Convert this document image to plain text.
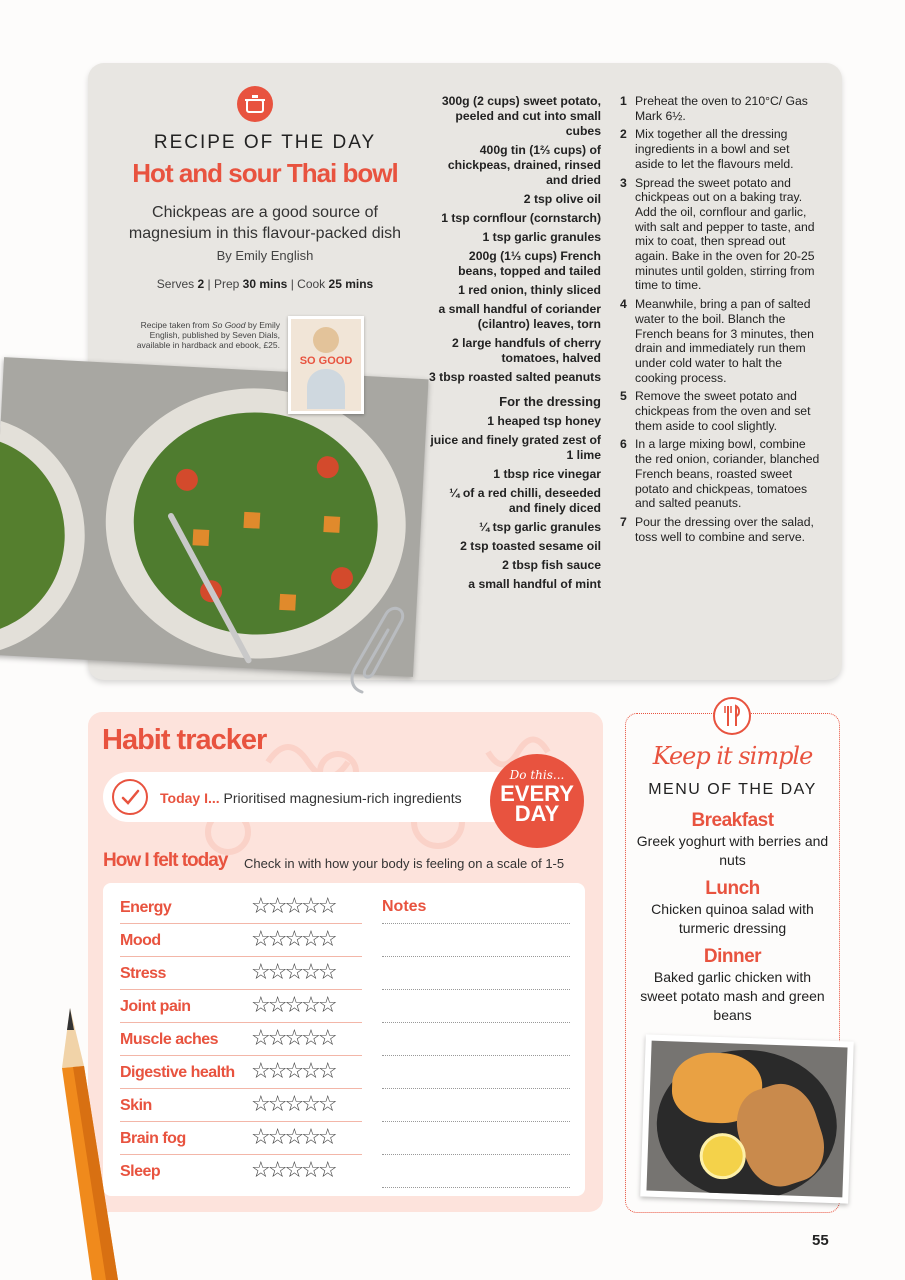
RECIPE OF THE DAY
Hot and sour Thai bowl
Chickpeas are a good source of magnesium in this flavour-packed dish
By Emily English
Serves 2 | Prep 30 mins | Cook 25 mins
Recipe taken from So Good by Emily English, published by Seven Dials, available in hardback and ebook, £25.
SO GOOD
300g (2 cups) sweet potato, peeled and cut into small cubes
400g tin (1⅔ cups) of chickpeas, drained, rinsed and dried
2 tsp olive oil
1 tsp cornflour (cornstarch)
1 tsp garlic granules
200g (1⅓ cups) French beans, topped and tailed
1 red onion, thinly sliced
a small handful of coriander (cilantro) leaves, torn
2 large handfuls of cherry tomatoes, halved
3 tbsp roasted salted peanuts
For the dressing
1 heaped tsp honey
juice and finely grated zest of 1 lime
1 tbsp rice vinegar
¼ of a red chilli, deseeded and finely diced
¼ tsp garlic granules
2 tsp toasted sesame oil
2 tbsp fish sauce
a small handful of mint
1 Preheat the oven to 210°C/ Gas Mark 6½.
2 Mix together all the dressing ingredients in a bowl and set aside to let the flavours meld.
3 Spread the sweet potato and chickpeas out on a baking tray. Add the oil, cornflour and garlic, with salt and pepper to taste, and mix to coat, then spread out again. Bake in the oven for 20-25 minutes until golden, stirring from time to time.
4 Meanwhile, bring a pan of salted water to the boil. Blanch the French beans for 3 minutes, then drain and immediately run them under cold water to halt the cooking process.
5 Remove the sweet potato and chickpeas from the oven and set them aside to cool slightly.
6 In a large mixing bowl, combine the red onion, coriander, blanched French beans, roasted sweet potato and chickpeas, tomatoes and salted peanuts.
7 Pour the dressing over the salad, toss well to combine and serve.
Habit tracker
Today I... Prioritised magnesium-rich ingredients
Do this...
EVERY
DAY
How I felt today Check in with how your body is feeling on a scale of 1-5
Notes
Energy	☆☆☆☆☆
Mood	☆☆☆☆☆
Stress	☆☆☆☆☆
Joint pain	☆☆☆☆☆
Muscle aches ☆☆☆☆☆
Digestive health ☆☆☆☆☆
Skin	☆☆☆☆☆
Brain fog	☆☆☆☆☆
Sleep	☆☆☆☆☆
Keep it simple
MENU OF THE DAY
Breakfast
Greek yoghurt with berries and nuts
Lunch
Chicken quinoa salad with turmeric dressing
Dinner
Baked garlic chicken with sweet potato mash and green beans
55
